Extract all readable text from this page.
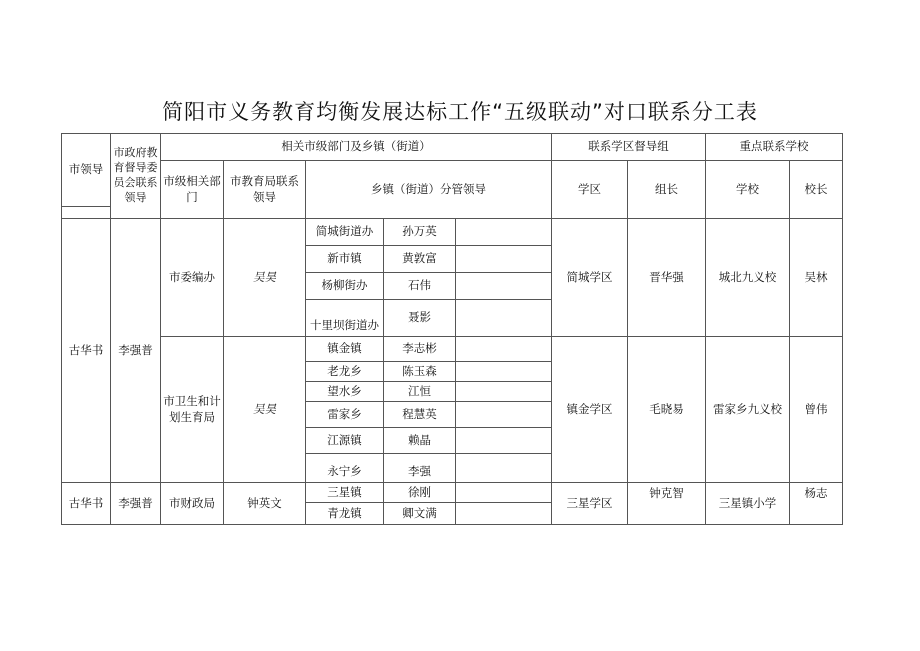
简阳市义务教育均衡发展达标工作“五级联动”对口联系分工表
市领导	市政府教育督导委员会联系领导	相关市级部门及乡镇（街道）					联系学区督导组		重点联系学校	
		市级相关部门	市教育局联系领导	乡镇（街道）分管领导			学区	组长	学校	校长

古华书	李强普	市委编办	吴昊	简城街道办	孙万英		简城学区	晋华强	城北九义校	吴林
				新市镇	黄敦富					
				杨柳街办	石伟					
				十里坝街道办	聂影					
		市卫生和计划生育局	吴昊	镇金镇	李志彬		镇金学区	毛晓易	雷家乡九义校	曾伟
				老龙乡	陈玉森					
				望水乡	江恒					
				雷家乡	程慧英					
				江源镇	赖晶					
				永宁乡	李强					
古华书	李强普	市财政局	钟英文	三星镇	徐刚		三星学区	钟克智	三星镇小学	杨志
				青龙镇	卿文满					
